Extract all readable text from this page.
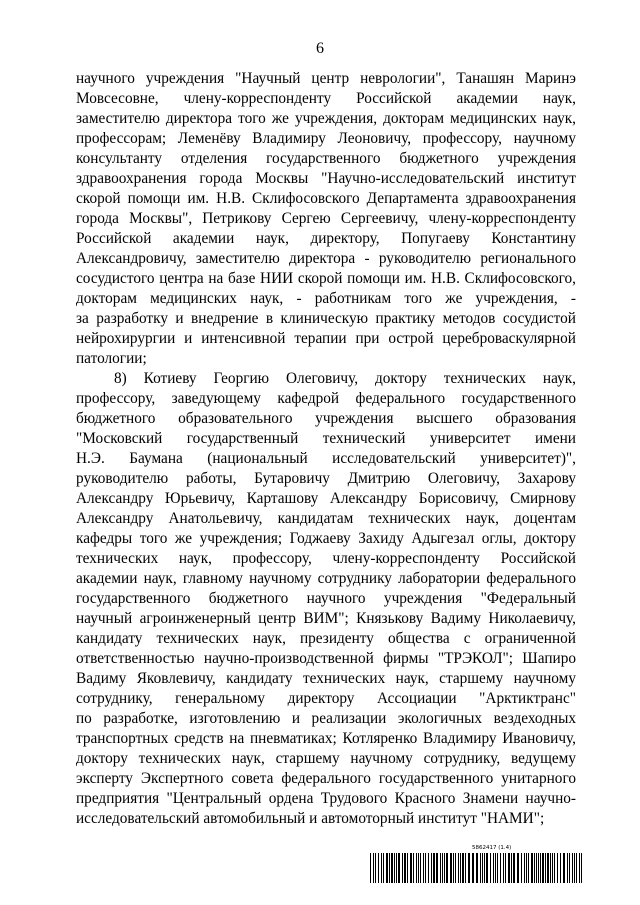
6
научного учреждения "Научный центр неврологии", Танашян Маринэ
Мовсесовне, члену-корреспонденту Российской академии наук,
заместителю директора того же учреждения, докторам медицинских наук,
профессорам; Леменёву Владимиру Леоновичу, профессору, научному
консультанту отделения государственного бюджетного учреждения
здравоохранения города Москвы "Научно-исследовательский институт
скорой помощи им. Н.В. Склифосовского Департамента здравоохранения
города Москвы", Петрикову Сергею Сергеевичу, члену-корреспонденту
Российской академии наук, директору, Попугаеву Константину
Александровичу, заместителю директора - руководителю регионального
сосудистого центра на базе НИИ скорой помощи им. Н.В. Склифосовского,
докторам медицинских наук, - работникам того же учреждения, -
за разработку и внедрение в клиническую практику методов сосудистой
нейрохирургии и интенсивной терапии при острой цереброваскулярной
патологии;
8) Котиеву Георгию Олеговичу, доктору технических наук,
профессору, заведующему кафедрой федерального государственного
бюджетного образовательного учреждения высшего образования
"Московский государственный технический университет имени
Н.Э. Баумана (национальный исследовательский университет)",
руководителю работы, Бутаровичу Дмитрию Олеговичу, Захарову
Александру Юрьевичу, Карташову Александру Борисовичу, Смирнову
Александру Анатольевичу, кандидатам технических наук, доцентам
кафедры того же учреждения; Годжаеву Захиду Адыгезал оглы, доктору
технических наук, профессору, члену-корреспонденту Российской
академии наук, главному научному сотруднику лаборатории федерального
государственного бюджетного научного учреждения "Федеральный
научный агроинженерный центр ВИМ"; Князькову Вадиму Николаевичу,
кандидату технических наук, президенту общества с ограниченной
ответственностью научно-производственной фирмы "ТРЭКОЛ"; Шапиро
Вадиму Яковлевичу, кандидату технических наук, старшему научному
сотруднику, генеральному директору Ассоциации "Арктиктранс"
по разработке, изготовлению и реализации экологичных вездеходных
транспортных средств на пневматиках; Котляренко Владимиру Ивановичу,
доктору технических наук, старшему научному сотруднику, ведущему
эксперту Экспертного совета федерального государственного унитарного
предприятия "Центральный ордена Трудового Красного Знамени научно-
исследовательский автомобильный и автомоторный институт "НАМИ";
5862417 (1.4)
